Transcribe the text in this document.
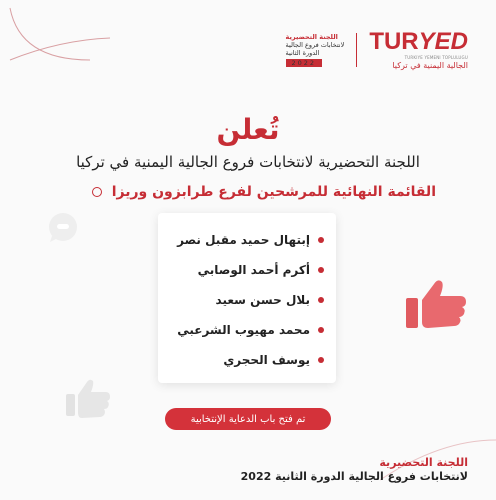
اللجنة التحضيرية
لانتخابات فروع الجالية
الدورة الثانية
2022
TURYED
TURKIYE YEMENI TOPLULUGU
الجالية اليمنية في تركيا
تُعلن
اللجنة التحضيرية لانتخابات فروع الجالية اليمنية في تركيا
القائمة النهائية للمرشحين لفرع طرابزون وريزا
إبتهال حميد مقبل نصر
أكرم أحمد الوصابي
بلال حسن سعيد
محمد مهيوب الشرعبي
يوسف الحجري
تم فتح باب الدعاية الإنتخابية
اللجنة التحضيرية
لانتخابات فروع الجالية الدورة الثانية 2022
